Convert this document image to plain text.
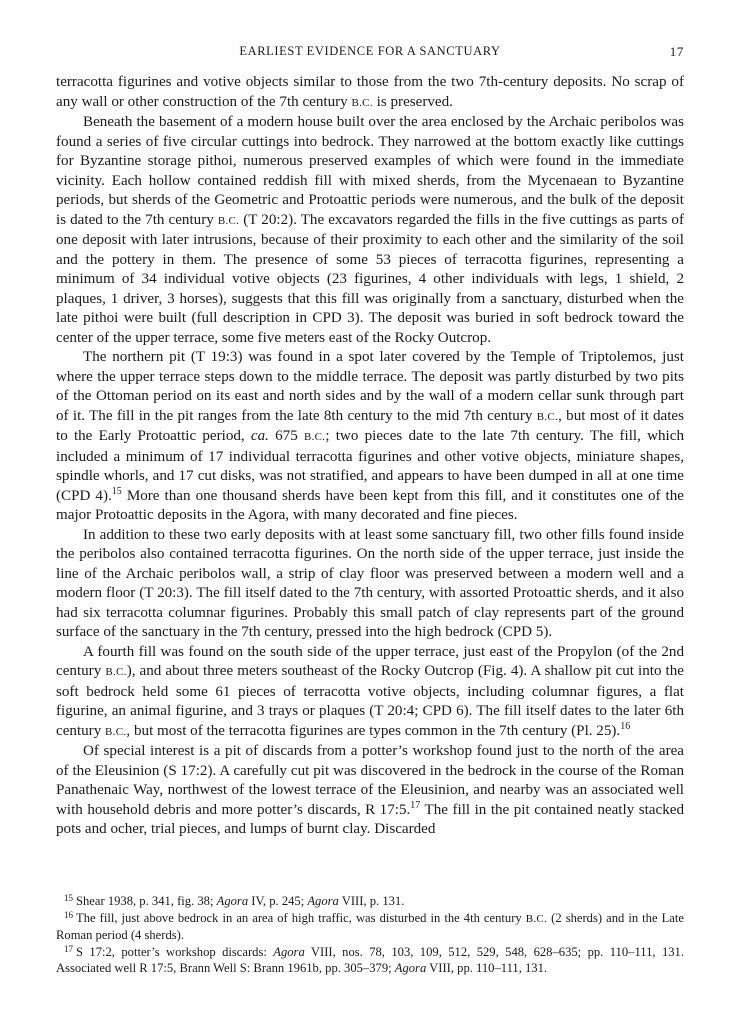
EARLIEST EVIDENCE FOR A SANCTUARY	17

terracotta figurines and votive objects similar to those from the two 7th-century deposits. No scrap of any wall or other construction of the 7th century B.C. is preserved.

Beneath the basement of a modern house built over the area enclosed by the Archaic peribolos was found a series of five circular cuttings into bedrock. They narrowed at the bottom exactly like cuttings for Byzantine storage pithoi, numerous preserved examples of which were found in the immediate vicinity. Each hollow contained reddish fill with mixed sherds, from the Mycenaean to Byzantine periods, but sherds of the Geometric and Protoattic periods were numerous, and the bulk of the deposit is dated to the 7th century B.C. (T 20:2). The excavators regarded the fills in the five cuttings as parts of one deposit with later intrusions, because of their proximity to each other and the similarity of the soil and the pottery in them. The presence of some 53 pieces of terracotta figurines, representing a minimum of 34 individual votive objects (23 figurines, 4 other individuals with legs, 1 shield, 2 plaques, 1 driver, 3 horses), suggests that this fill was originally from a sanctuary, disturbed when the late pithoi were built (full description in CPD 3). The deposit was buried in soft bedrock toward the center of the upper terrace, some five meters east of the Rocky Outcrop.

The northern pit (T 19:3) was found in a spot later covered by the Temple of Triptolemos, just where the upper terrace steps down to the middle terrace. The deposit was partly disturbed by two pits of the Ottoman period on its east and north sides and by the wall of a modern cellar sunk through part of it. The fill in the pit ranges from the late 8th century to the mid 7th century B.C., but most of it dates to the Early Protoattic period, ca. 675 B.C.; two pieces date to the late 7th century. The fill, which included a minimum of 17 individual terracotta figurines and other votive objects, miniature shapes, spindle whorls, and 17 cut disks, was not stratified, and appears to have been dumped in all at one time (CPD 4).$^{15}$ More than one thousand sherds have been kept from this fill, and it constitutes one of the major Protoattic deposits in the Agora, with many decorated and fine pieces.

In addition to these two early deposits with at least some sanctuary fill, two other fills found inside the peribolos also contained terracotta figurines. On the north side of the upper terrace, just inside the line of the Archaic peribolos wall, a strip of clay floor was preserved between a modern well and a modern floor (T 20:3). The fill itself dated to the 7th century, with assorted Protoattic sherds, and it also had six terracotta columnar figurines. Probably this small patch of clay represents part of the ground surface of the sanctuary in the 7th century, pressed into the high bedrock (CPD 5).

A fourth fill was found on the south side of the upper terrace, just east of the Propylon (of the 2nd century B.C.), and about three meters southeast of the Rocky Outcrop (Fig. 4). A shallow pit cut into the soft bedrock held some 61 pieces of terracotta votive objects, including columnar figures, a flat figurine, an animal figurine, and 3 trays or plaques (T 20:4; CPD 6). The fill itself dates to the later 6th century B.C., but most of the terracotta figurines are types common in the 7th century (Pl. 25).$^{16}$

Of special interest is a pit of discards from a potter’s workshop found just to the north of the area of the Eleusinion (S 17:2). A carefully cut pit was discovered in the bedrock in the course of the Roman Panathenaic Way, northwest of the lowest terrace of the Eleusinion, and nearby was an associated well with household debris and more potter’s discards, R 17:5.17 The fill in the pit contained neatly stacked pots and ocher, trial pieces, and lumps of burnt clay. Discarded

$^{15}$ Shear 1938, p. 341, fig. 38; Agora IV, p. 245; Agora VIII, p. 131.

$^{16}$ The fill, just above bedrock in an area of high traffic, was disturbed in the 4th century B.C. (2 sherds) and in the Late Roman period (4 sherds).

$^{17}$ S 17:2, potter’s workshop discards: Agora VIII, nos. 78, 103, 109, 512, 529, 548, 628–635; pp. 110–111, 131. Associated well R 17:5, Brann Well S: Brann 1961b, pp. 305–379; Agora VIII, pp. 110–111, 131.
